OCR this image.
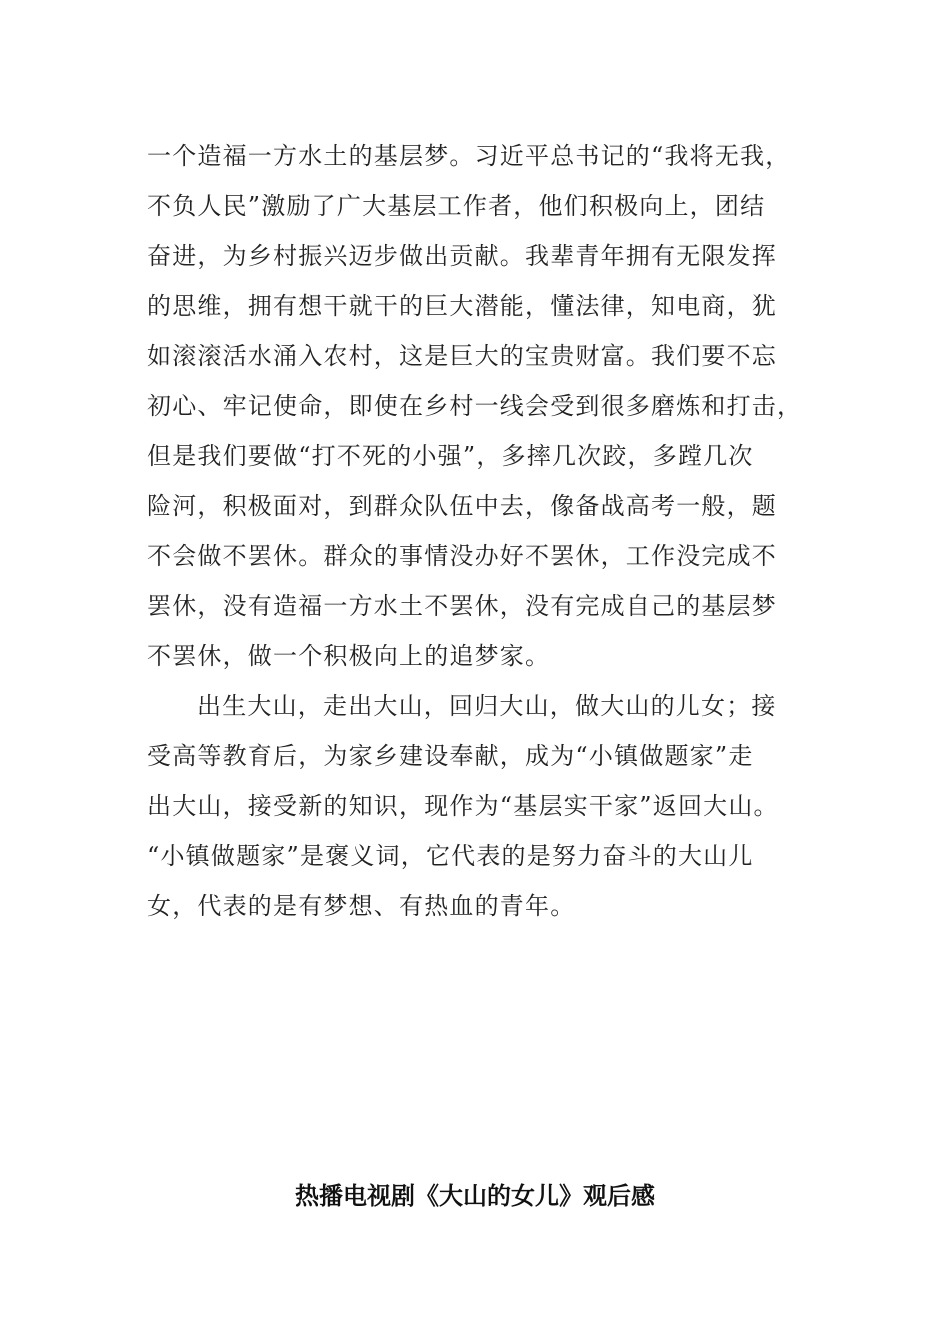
一个造福一方水土的基层梦。习近平总书记的“我将无我，
不负人民”激励了广大基层工作者，他们积极向上，团结
奋进，为乡村振兴迈步做出贡献。我辈青年拥有无限发挥
的思维，拥有想干就干的巨大潜能，懂法律，知电商，犹
如滚滚活水涌入农村，这是巨大的宝贵财富。我们要不忘
初心、牢记使命，即使在乡村一线会受到很多磨炼和打击，
但是我们要做“打不死的小强”，多摔几次跤，多蹚几次
险河，积极面对，到群众队伍中去，像备战高考一般，题
不会做不罢休。群众的事情没办好不罢休，工作没完成不
罢休，没有造福一方水土不罢休，没有完成自己的基层梦
不罢休，做一个积极向上的追梦家。
出生大山，走出大山，回归大山，做大山的儿女；接
受高等教育后，为家乡建设奉献，成为“小镇做题家”走
出大山，接受新的知识，现作为“基层实干家”返回大山。
“小镇做题家”是褒义词，它代表的是努力奋斗的大山儿
女，代表的是有梦想、有热血的青年。
热播电视剧《大山的女儿》观后感
